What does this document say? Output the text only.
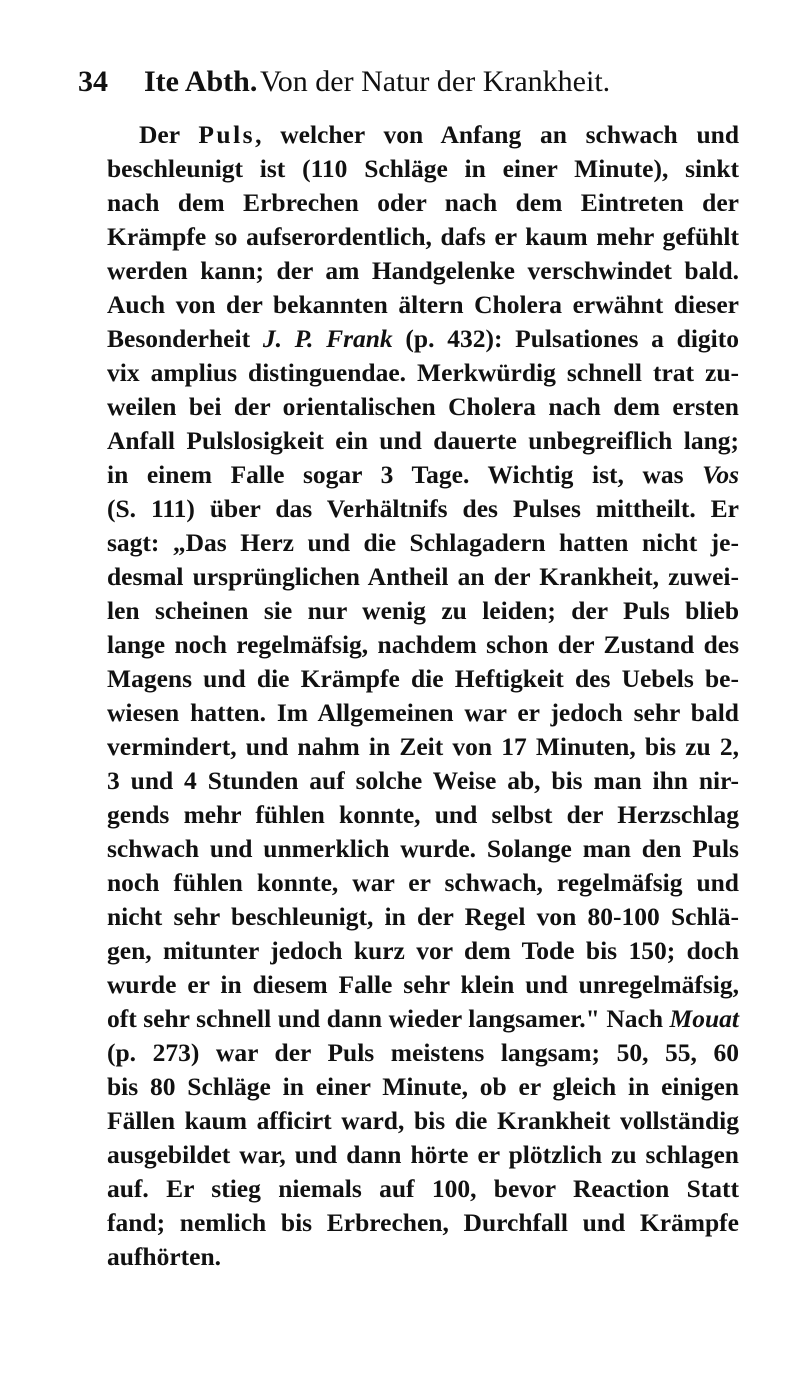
34 Ite Abth. Von der Natur der Krankheit.
Der Puls, welcher von Anfang an schwach und
beschleunigt ist (110 Schläge in einer Minute), sinkt
nach dem Erbrechen oder nach dem Eintreten der
Krämpfe so aufserordentlich, dafs er kaum mehr gefühlt
werden kann; der am Handgelenke verschwindet bald.
Auch von der bekannten ältern Cholera erwähnt dieser
Besonderheit J. P. Frank (p. 432): Pulsationes a digito
vix amplius distinguendae. Merkwürdig schnell trat zu-
weilen bei der orientalischen Cholera nach dem ersten
Anfall Pulslosigkeit ein und dauerte unbegreiflich lang;
in einem Falle sogar 3 Tage. Wichtig ist, was Vos
(S. 111) über das Verhältnifs des Pulses mittheilt. Er
sagt: „Das Herz und die Schlagadern hatten nicht je-
desmal ursprünglichen Antheil an der Krankheit, zuwei-
len scheinen sie nur wenig zu leiden; der Puls blieb
lange noch regelmäfsig, nachdem schon der Zustand des
Magens und die Krämpfe die Heftigkeit des Uebels be-
wiesen hatten. Im Allgemeinen war er jedoch sehr bald
vermindert, und nahm in Zeit von 17 Minuten, bis zu 2,
3 und 4 Stunden auf solche Weise ab, bis man ihn nir-
gends mehr fühlen konnte, und selbst der Herzschlag
schwach und unmerklich wurde. Solange man den Puls
noch fühlen konnte, war er schwach, regelmäfsig und
nicht sehr beschleunigt, in der Regel von 80-100 Schlä-
gen, mitunter jedoch kurz vor dem Tode bis 150; doch
wurde er in diesem Falle sehr klein und unregelmäfsig,
oft sehr schnell und dann wieder langsamer." Nach Mouat
(p. 273) war der Puls meistens langsam; 50, 55, 60
bis 80 Schläge in einer Minute, ob er gleich in einigen
Fällen kaum afficirt ward, bis die Krankheit vollständig
ausgebildet war, und dann hörte er plötzlich zu schlagen
auf. Er stieg niemals auf 100, bevor Reaction Statt
fand; nemlich bis Erbrechen, Durchfall und Krämpfe
aufhörten.
